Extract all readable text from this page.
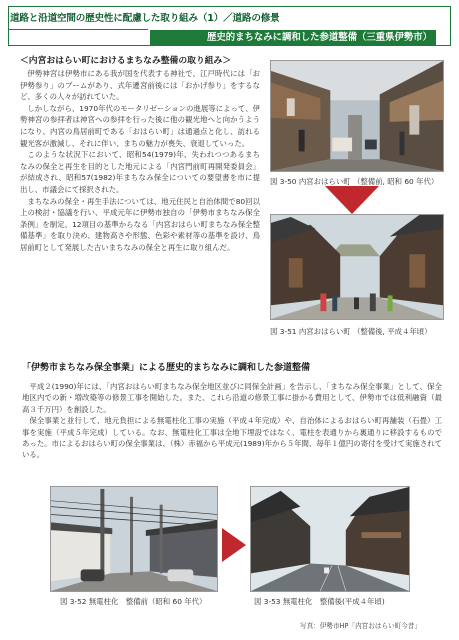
道路と沿道空間の歴史性に配慮した取り組み（1）／道路の修景
歴史的まちなみに調和した参道整備（三重県伊勢市）
＜内宮おはらい町におけるまちなみ整備の取り組み＞

伊勢神宮は伊勢市にある我が国を代表する神社で、江戸時代には「お伊勢参り」のブームがあり、式年遷宮前後には「おかげ参り」をするなど、多くの人々が訪れていた。

しかしながら、1970年代のモータリゼーションの進展等によって、伊勢神宮の参拝者は神宮への参拝を行った後に他の観光地へと向かうようになり、内宮の鳥居前町である「おはらい町」は通過点と化し、訪れる観光客が激減し、それに伴い、まちの魅力が喪失、衰退していった。

このような状況下において、昭和54(1979)年、失われつつあるまちなみの保全と再生を目的とした地元による「内宮門前町再開発委員会」が結成され、昭和57(1982)年まちなみ保全についての要望書を市に提出し、市議会にて採択された。

まちなみの保全・再生手法については、地元住民と自治体間で80回以上の検討・協議を行い、平成元年に伊勢市独自の「伊勢市まちなみ保全条例」を制定、12項目の基準からなる「内宮おはらい町まちなみ保全整備基準」を取り決め、建物高さや形態、色彩や素材等の基準を設け、鳥居前町として発展した古いまちなみの保全と再生に取り組んだ。

図 3-50 内宮おはらい町 （整備前, 昭和 60 年代）
図 3-51 内宮おはらい町 （整備後, 平成４年頃）
「伊勢市まちなみ保全事業」による歴史的まちなみに調和した参道整備

平成２(1990)年には、「内宮おはらい町まちなみ保全地区並びに同保全計画」を告示し、「まちなみ保全事業」として、保全地区内での新・増改築等の修景工事を開始した。また、これら沿道の修景工事に掛かる費用として、伊勢市では低利融資（最高３千万円）を創設した。

保全事業と並行して、地元負担による無電柱化工事の実施（平成４年完成）や、自治体によるおはらい町再舗装（石畳）工事を実施（平成５年完成）している。なお、無電柱化工事は全地下埋設ではなく、電柱を表通りから裏通りに移設するものであった。市によるおはらい町の保全事業は、（株）赤福から平成元(1989)年から５年間、毎年１億円の寄付を受けて実施されている。

図 3-52 無電柱化　整備前（昭和 60 年代）	図 3-53 無電柱化　整備後(平成４年頃)
写真：伊勢市HP「内宮おはらい町今昔」
